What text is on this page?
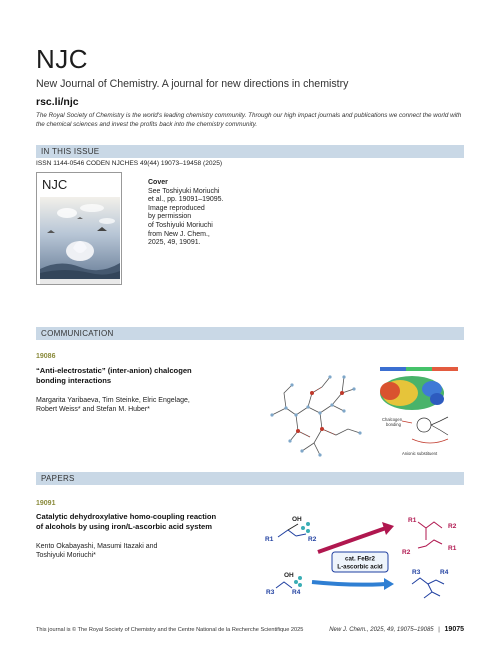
NJC
New Journal of Chemistry. A journal for new directions in chemistry
rsc.li/njc
The Royal Society of Chemistry is the world's leading chemistry community. Through our high impact journals and publications we connect the world with the chemical sciences and invest the profits back into the chemistry community.
IN THIS ISSUE
ISSN 1144-0546 CODEN NJCHES 49(44) 19073–19458 (2025)
NJC	Cover
See Toshiyuki Moriuchi
et al., pp. 19091–19095.
Image reproduced
by permission
of Toshiyuki Moriuchi
from New J. Chem.,
2025, 49, 19091.
COMMUNICATION
19086
“Anti-electrostatic” (inter-anion) chalcogen
bonding interactions
Margarita Yaribaeva, Tim Steinke, Elric Engelage,
Robert Weiss* and Stefan M. Huber*
Chalcogen
bonding
Anionic substituent
PAPERS
19091
Catalytic dehydroxylative homo-coupling reaction
of alcohols by using iron/L-ascorbic acid system
Kento Okabayashi, Masumi Itazaki and
Toshiyuki Moriuchi*
OH
R1	R2
OH
R3	R4
cat. FeBr2
L-ascorbic acid
R1
R2
R2
R1
R3	R4
This journal is © The Royal Society of Chemistry and the Centre National de la Recherche Scientifique 2025	New J. Chem., 2025, 49, 19075–19085 | 19075
